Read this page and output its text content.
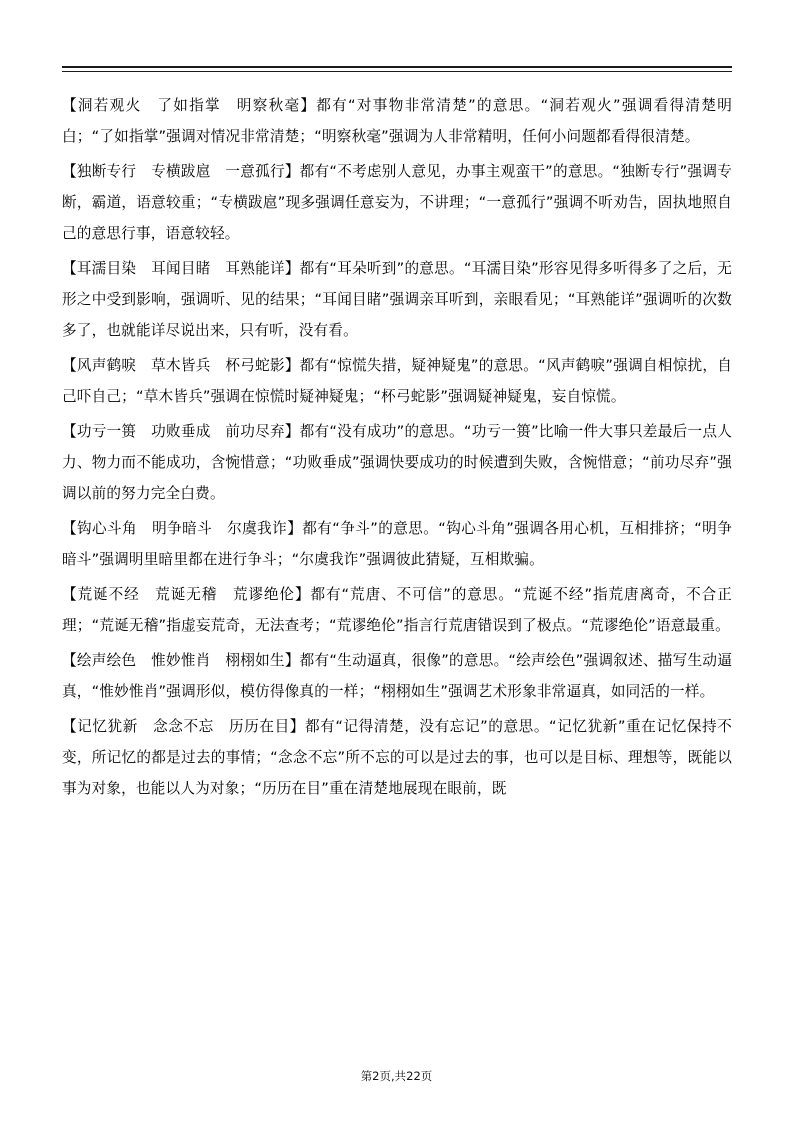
【洞若观火　了如指掌　明察秋毫】都有“对事物非常清楚”的意思。“洞若观火”强调看得清楚明白；“了如指掌”强调对情况非常清楚；“明察秋毫”强调为人非常精明，任何小问题都看得很清楚。

【独断专行　专横跋扈　一意孤行】都有“不考虑别人意见，办事主观蛮干”的意思。“独断专行”强调专断，霸道，语意较重；“专横跋扈”现多强调任意妄为，不讲理；“一意孤行”强调不听劝告，固执地照自己的意思行事，语意较轻。

【耳濡目染　耳闻目睹　耳熟能详】都有“耳朵听到”的意思。“耳濡目染”形容见得多听得多了之后，无形之中受到影响，强调听、见的结果；“耳闻目睹”强调亲耳听到，亲眼看见；“耳熟能详”强调听的次数多了，也就能详尽说出来，只有听，没有看。

【风声鹤唳　草木皆兵　杯弓蛇影】都有“惊慌失措，疑神疑鬼”的意思。“风声鹤唳”强调自相惊扰，自己吓自己；“草木皆兵”强调在惊慌时疑神疑鬼；“杯弓蛇影”强调疑神疑鬼，妄自惊慌。

【功亏一篑　功败垂成　前功尽弃】都有“没有成功”的意思。“功亏一篑”比喻一件大事只差最后一点人力、物力而不能成功，含惋惜意；“功败垂成”强调快要成功的时候遭到失败，含惋惜意；“前功尽弃”强调以前的努力完全白费。

【钩心斗角　明争暗斗　尔虞我诈】都有“争斗”的意思。“钩心斗角”强调各用心机，互相排挤；“明争暗斗”强调明里暗里都在进行争斗；“尔虞我诈”强调彼此猜疑，互相欺骗。

【荒诞不经　荒诞无稽　荒谬绝伦】都有“荒唐、不可信”的意思。“荒诞不经”指荒唐离奇，不合正理；“荒诞无稽”指虚妄荒奇，无法查考；“荒谬绝伦”指言行荒唐错误到了极点。“荒谬绝伦”语意最重。

【绘声绘色　惟妙惟肖　栩栩如生】都有“生动逼真，很像”的意思。“绘声绘色”强调叙述、描写生动逼真，“惟妙惟肖”强调形似，模仿得像真的一样；“栩栩如生”强调艺术形象非常逼真，如同活的一样。

【记忆犹新　念念不忘　历历在目】都有“记得清楚，没有忘记”的意思。“记忆犹新”重在记忆保持不变，所记忆的都是过去的事情；“念念不忘”所不忘的可以是过去的事，也可以是目标、理想等，既能以事为对象，也能以人为对象；“历历在目”重在清楚地展现在眼前，既

第2页,共22页
